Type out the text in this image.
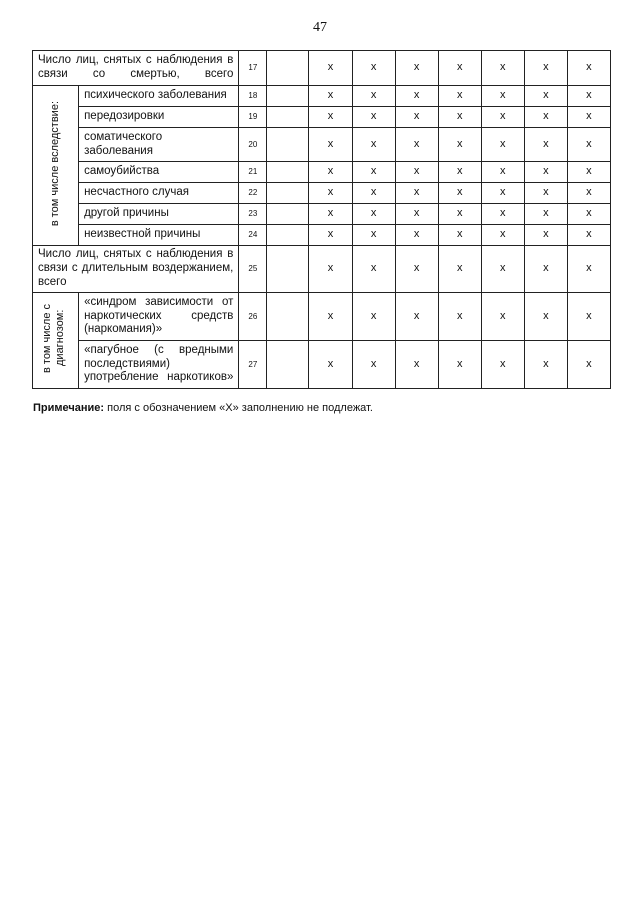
47
Число лиц, снятых с наблюдения в связи со смертью, всего		17		x	x	x	x	x	x	x
в том числе вследствие:	психического заболевания	18		x	x	x	x	x	x	x
	передозировки	19		x	x	x	x	x	x	x
	соматического заболевания	20		x	x	x	x	x	x	x
	самоубийства	21		x	x	x	x	x	x	x
	несчастного случая	22		x	x	x	x	x	x	x
	другой причины	23		x	x	x	x	x	x	x
	неизвестной причины	24		x	x	x	x	x	x	x
Число лиц, снятых с наблюдения в связи с длительным воздержанием, всего		25		x	x	x	x	x	x	x
в том числе с диагнозом:	«синдром зависимости от наркотических средств (наркомания)»	26		x	x	x	x	x	x	x
	«пагубное (с вредными последствиями) употребление наркотиков»	27		x	x	x	x	x	x	x
Примечание: поля с обозначением «Х» заполнению не подлежат.
